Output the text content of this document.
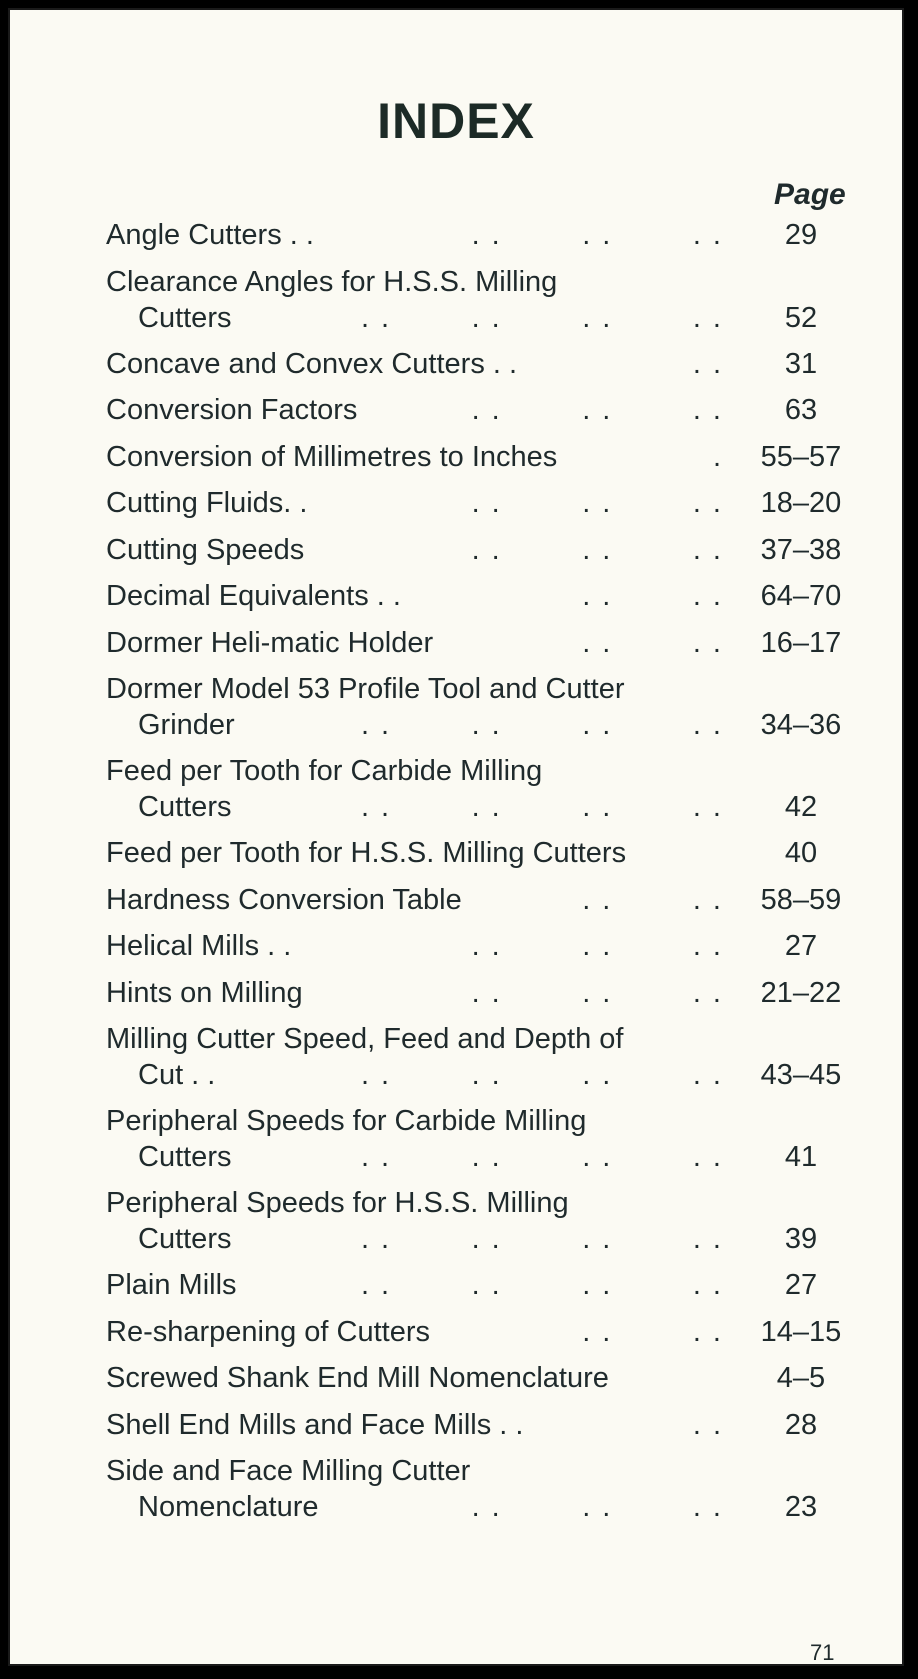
INDEX
Page
Angle Cutters . .	. .        . .        . .	29
Clearance Angles for H.S.S. Milling
Cutters	. .        . .        . .        . .	52
Concave and Convex Cutters . .	. .	31
Conversion Factors	. .        . .        . .	63
Conversion of Millimetres to Inches	.	55–57
Cutting Fluids. .	. .        . .        . .	18–20
Cutting Speeds	. .        . .        . .	37–38
Decimal Equivalents . .	. .        . .	64–70
Dormer Heli-matic Holder	. .        . .	16–17
Dormer Model 53 Profile Tool and Cutter
Grinder	. .        . .        . .        . .	34–36
Feed per Tooth for Carbide Milling
Cutters	. .        . .        . .        . .	42
Feed per Tooth for H.S.S. Milling Cutters	40
Hardness Conversion Table	. .        . .	58–59
Helical Mills . .	. .        . .        . .	27
Hints on Milling	. .        . .        . .	21–22
Milling Cutter Speed, Feed and Depth of
Cut . .	. .        . .        . .        . .	43–45
Peripheral Speeds for Carbide Milling
Cutters	. .        . .        . .        . .	41
Peripheral Speeds for H.S.S. Milling
Cutters	. .        . .        . .        . .	39
Plain Mills	. .        . .        . .        . .	27
Re-sharpening of Cutters	. .        . .	14–15
Screwed Shank End Mill Nomenclature	4–5
Shell End Mills and Face Mills . .	. .	28
Side and Face Milling Cutter
Nomenclature	. .        . .        . .	23
71
